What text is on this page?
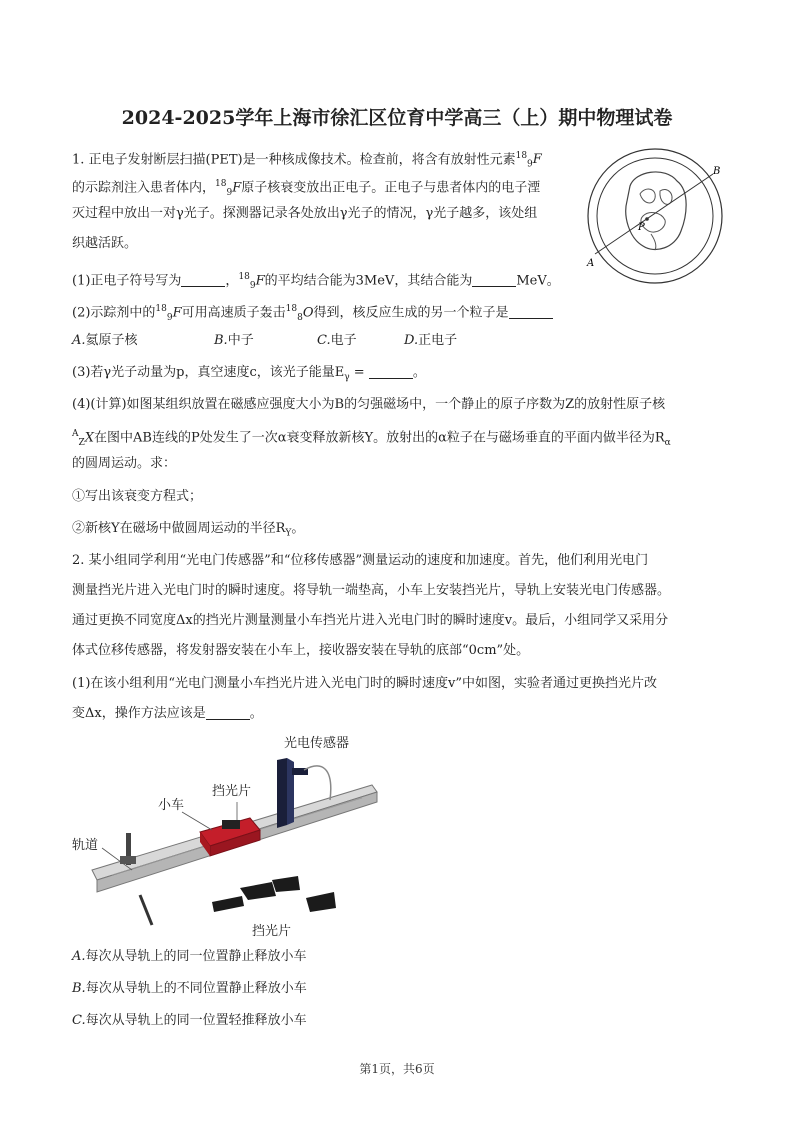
2024-2025学年上海市徐汇区位育中学高三（上）期中物理试卷
1. 正电子发射断层扫描(PET)是一种核成像技术。检查前，将含有放射性元素$^{18}_9$F
的示踪剂注入患者体内，$^{18}_9$F原子核衰变放出正电子。正电子与患者体内的电子湮
灭过程中放出一对γ光子。探测器记录各处放出γ光子的情况，γ光子越多，该处组
织越活跃。
(1)正电子符号写为	，$^{18}_9$F的平均结合能为3MeV，其结合能为	MeV。
(2)示踪剂中的$^{18}_9$F可用高速质子轰击$^{18}_8$O得到，核反应生成的另一个粒子是
A.氦原子核	B.中子	C.电子	D.正电子
(3)若γ光子动量为p，真空速度c，该光子能量$E_\gamma$ =	。
(4)(计算)如图某组织放置在磁感应强度大小为B的匀强磁场中，一个静止的原子序数为Z的放射性原子核
$^A_Z$X在图中AB连线的P处发生了一次α衰变释放新核Y。放射出的α粒子在与磁场垂直的平面内做半径为$R_\alpha$
的圆周运动。求：
①写出该衰变方程式；
②新核Y在磁场中做圆周运动的半径$R_Y$。
A
B
P
2. 某小组同学利用“光电门传感器”和“位移传感器”测量运动的速度和加速度。首先，他们利用光电门
测量挡光片进入光电门时的瞬时速度。将导轨一端垫高，小车上安装挡光片，导轨上安装光电门传感器。
通过更换不同宽度Δx的挡光片测量测量小车挡光片进入光电门时的瞬时速度v。最后，小组同学又采用分
体式位移传感器，将发射器安装在小车上，接收器安装在导轨的底部“0cm”处。
(1)在该小组利用“光电门测量小车挡光片进入光电门时的瞬时速度v”中如图，实验者通过更换挡光片改
变Δx，操作方法应该是	。
光电传感器
挡光片
小车
轨道
挡光片
A.每次从导轨上的同一位置静止释放小车
B.每次从导轨上的不同位置静止释放小车
C.每次从导轨上的同一位置轻推释放小车
第1页，共6页
